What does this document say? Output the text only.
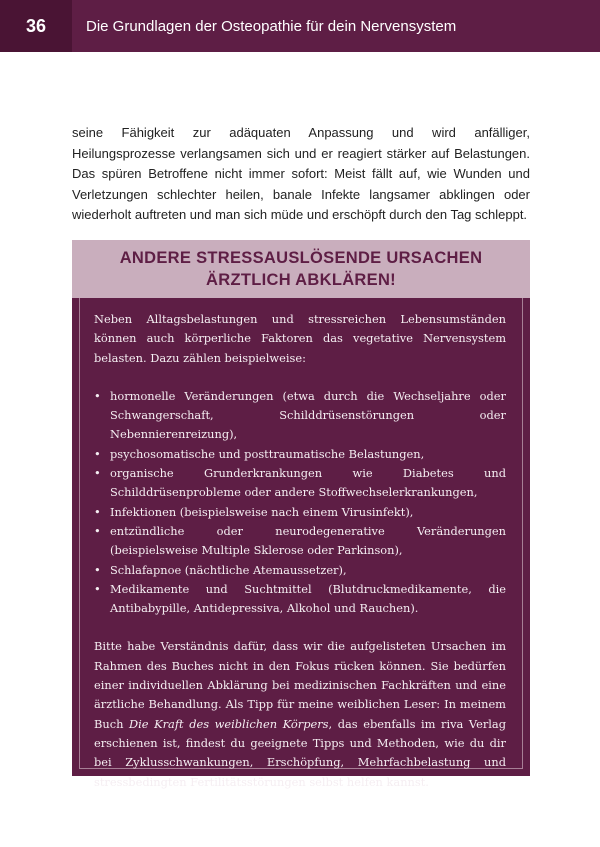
36	Die Grundlagen der Osteopathie für dein Nervensystem

seine Fähigkeit zur adäquaten Anpassung und wird anfälliger, Heilungsprozesse verlangsamen sich und er reagiert stärker auf Belastungen. Das spüren Betroffene nicht immer sofort: Meist fällt auf, wie Wunden und Verletzungen schlechter heilen, banale Infekte langsamer abklingen oder wiederholt auftreten und man sich müde und erschöpft durch den Tag schleppt.

ANDERE STRESSAUSLÖSENDE URSACHEN
ÄRZTLICH ABKLÄREN!

Neben Alltagsbelastungen und stressreichen Lebensumständen können auch körperliche Faktoren das vegetative Nervensystem belasten. Dazu zählen beispielweise:

• hormonelle Veränderungen (etwa durch die Wechseljahre oder Schwangerschaft, Schilddrüsenstörungen oder Nebennierenreizung),
• psychosomatische und posttraumatische Belastungen,
• organische Grunderkrankungen wie Diabetes und Schilddrüsenprobleme oder andere Stoffwechselerkrankungen,
• Infektionen (beispielsweise nach einem Virusinfekt),
• entzündliche oder neurodegenerative Veränderungen (beispielsweise Multiple Sklerose oder Parkinson),
• Schlafapnoe (nächtliche Atemaussetzer),
• Medikamente und Suchtmittel (Blutdruckmedikamente, die Antibabypille, Antidepressiva, Alkohol und Rauchen).

Bitte habe Verständnis dafür, dass wir die aufgelisteten Ursachen im Rahmen des Buches nicht in den Fokus rücken können. Sie bedürfen einer individuellen Abklärung bei medizinischen Fachkräften und eine ärztliche Behandlung. Als Tipp für meine weiblichen Leser: In meinem Buch Die Kraft des weiblichen Körpers, das ebenfalls im riva Verlag erschienen ist, findest du geeignete Tipps und Methoden, wie du dir bei Zyklusschwankungen, Erschöpfung, Mehrfachbelastung und stressbedingten Fertilitätsstörungen selbst helfen kannst.
